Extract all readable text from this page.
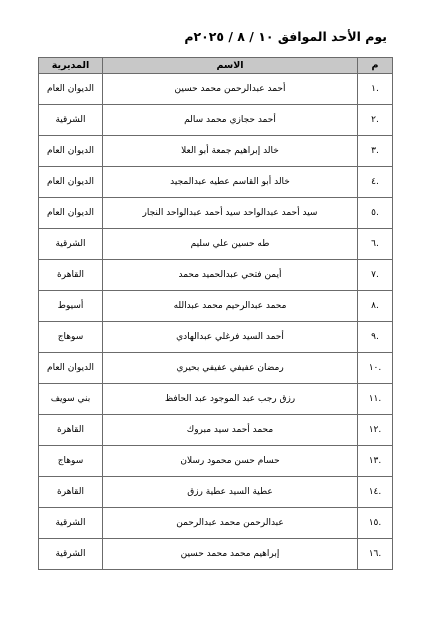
يوم الأحد الموافق ١٠ / ٨ / ٢٠٢٥م
م	الاسم	المديرية
.١	أحمد عبدالرحمن محمد حسين	الديوان العام
.٢	أحمد حجازي محمد سالم	الشرقية
.٣	خالد إبراهيم جمعة أبو العلا	الديوان العام
.٤	خالد أبو القاسم عطيه عبدالمجيد	الديوان العام
.٥	سيد أحمد عبدالواحد سيد أحمد عبدالواحد النجار	الديوان العام
.٦	طه حسين علي سليم	الشرقية
.٧	أيمن فتحي عبدالحميد محمد	القاهرة
.٨	محمد عبدالرحيم محمد عبدالله	أسيوط
.٩	أحمد السيد فرغلي عبدالهادي	سوهاج
.١٠	رمضان عفيفي عفيفي بحيري	الديوان العام
.١١	رزق رجب عبد الموجود عبد الحافظ	بني سويف
.١٢	محمد أحمد سيد مبروك	القاهرة
.١٣	حسام حسن محمود رسلان	سوهاج
.١٤	عطية السيد عطية رزق	القاهرة
.١٥	عبدالرحمن محمد عبدالرحمن	الشرقية
.١٦	إبراهيم محمد محمد حسين	الشرقية
